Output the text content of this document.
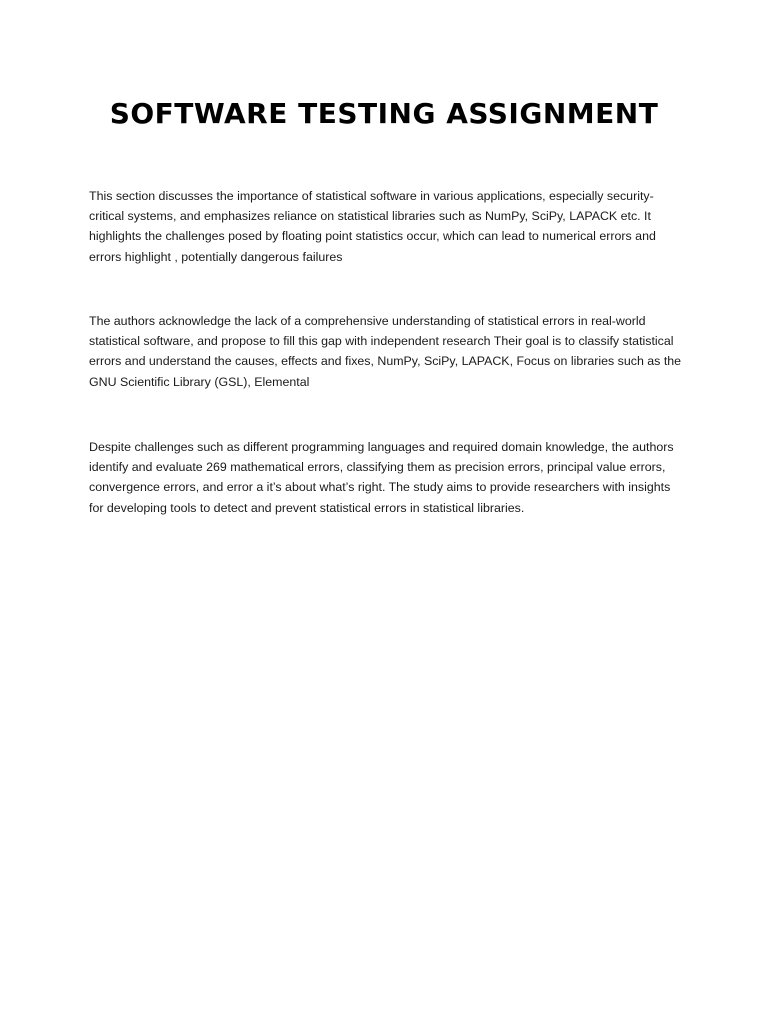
SOFTWARE TESTING ASSIGNMENT

This section discusses the importance of statistical software in various applications, especially security-critical systems, and emphasizes reliance on statistical libraries such as NumPy, SciPy, LAPACK etc. It highlights the challenges posed by floating point statistics occur, which can lead to numerical errors and errors highlight , potentially dangerous failures

The authors acknowledge the lack of a comprehensive understanding of statistical errors in real-world statistical software, and propose to fill this gap with independent research Their goal is to classify statistical errors and understand the causes, effects and fixes, NumPy, SciPy, LAPACK, Focus on libraries such as the GNU Scientific Library (GSL), Elemental

Despite challenges such as different programming languages and required domain knowledge, the authors identify and evaluate 269 mathematical errors, classifying them as precision errors, principal value errors, convergence errors, and error a it’s about what’s right. The study aims to provide researchers with insights for developing tools to detect and prevent statistical errors in statistical libraries.
